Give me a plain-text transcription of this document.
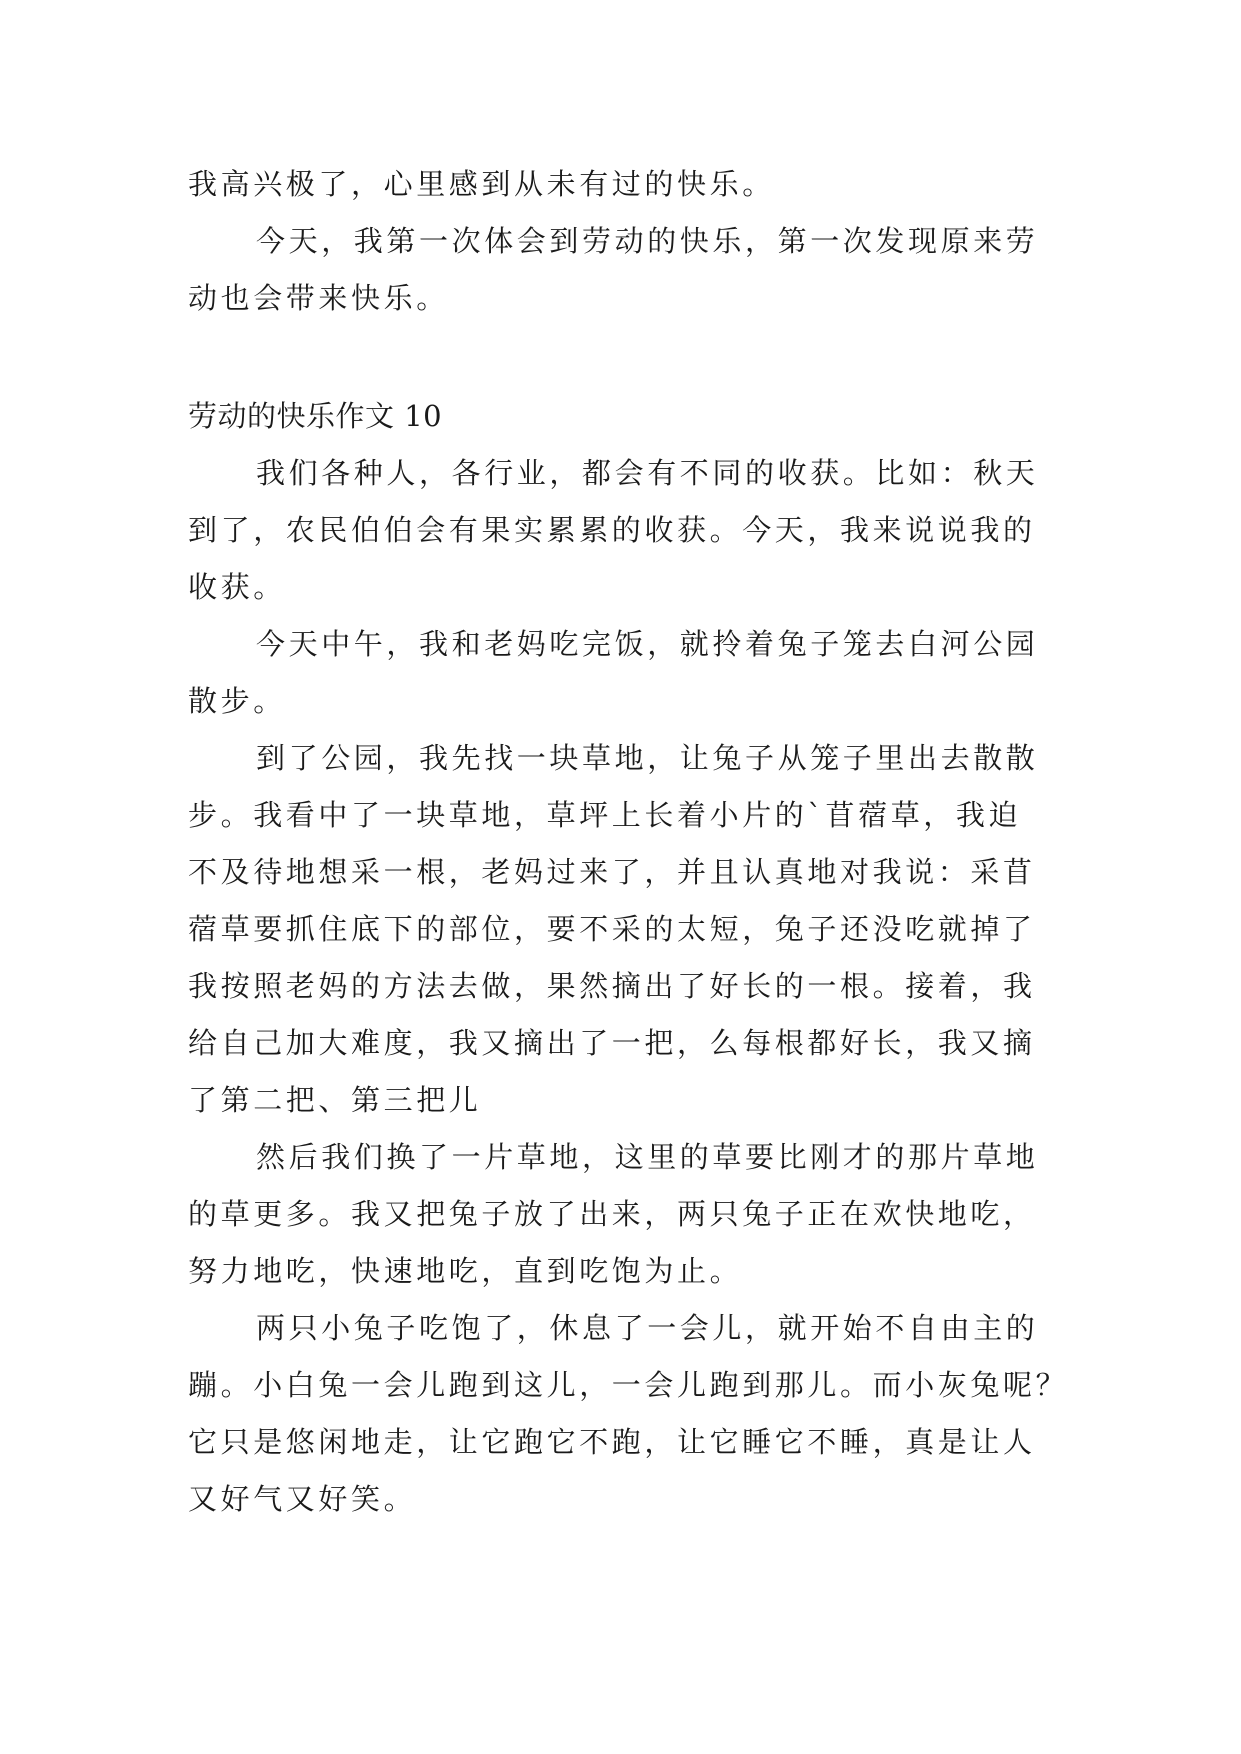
我高兴极了，心里感到从未有过的快乐。
今天，我第一次体会到劳动的快乐，第一次发现原来劳
动也会带来快乐。
劳动的快乐作文 10
我们各种人，各行业，都会有不同的收获。比如：秋天
到了，农民伯伯会有果实累累的收获。今天，我来说说我的
收获。
今天中午，我和老妈吃完饭，就拎着兔子笼去白河公园
散步。
到了公园，我先找一块草地，让兔子从笼子里出去散散
步。我看中了一块草地，草坪上长着小片的`苜蓿草，我迫
不及待地想采一根，老妈过来了，并且认真地对我说：采苜
蓿草要抓住底下的部位，要不采的太短，兔子还没吃就掉了
我按照老妈的方法去做，果然摘出了好长的一根。接着，我
给自己加大难度，我又摘出了一把，么每根都好长，我又摘
了第二把、第三把儿
然后我们换了一片草地，这里的草要比刚才的那片草地
的草更多。我又把兔子放了出来，两只兔子正在欢快地吃，
努力地吃，快速地吃，直到吃饱为止。
两只小兔子吃饱了，休息了一会儿，就开始不自由主的
蹦。小白兔一会儿跑到这儿，一会儿跑到那儿。而小灰兔呢？
它只是悠闲地走，让它跑它不跑，让它睡它不睡，真是让人
又好气又好笑。
